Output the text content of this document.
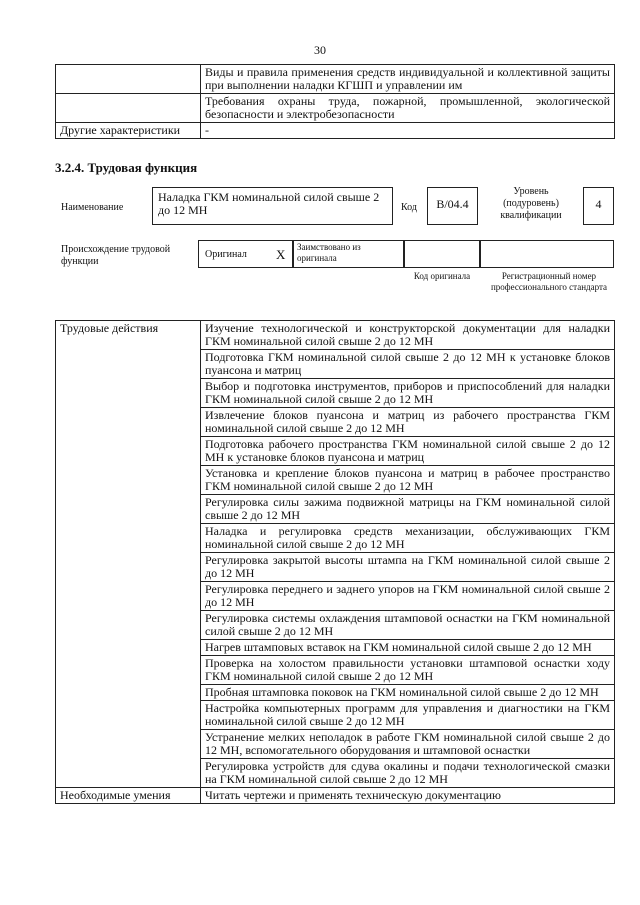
30
	Виды и правила применения средств индивидуальной и коллективной защиты при выполнении наладки КГШП и управлении им
	Требования охраны труда, пожарной, промышленной, экологической безопасности и электробезопасности
Другие характеристики	-
3.2.4. Трудовая функция
Наименование
Наладка ГКМ номинальной силой свыше 2 до 12 МН	Код	B/04.4
Уровень (подуровень) квалификации
4
Происхождение трудовой функции
Оригинал X Заимствовано из оригинала
Код оригинала	Регистрационный номер профессионального стандарта
Трудовые действия	Изучение технологической и конструкторской документации для наладки ГКМ номинальной силой свыше 2 до 12 МН
	Подготовка ГКМ номинальной силой свыше 2 до 12 МН к установке блоков пуансона и матриц
	Выбор и подготовка инструментов, приборов и приспособлений для наладки ГКМ номинальной силой свыше 2 до 12 МН
	Извлечение блоков пуансона и матриц из рабочего пространства ГКМ номинальной силой свыше 2 до 12 МН
	Подготовка рабочего пространства ГКМ номинальной силой свыше 2 до 12 МН к установке блоков пуансона и матриц
	Установка и крепление блоков пуансона и матриц в рабочее пространство ГКМ номинальной силой свыше 2 до 12 МН
	Регулировка силы зажима подвижной матрицы на ГКМ номинальной силой свыше 2 до 12 МН
	Наладка и регулировка средств механизации, обслуживающих ГКМ номинальной силой свыше 2 до 12 МН
	Регулировка закрытой высоты штампа на ГКМ номинальной силой свыше 2 до 12 МН
	Регулировка переднего и заднего упоров на ГКМ номинальной силой свыше 2 до 12 МН
	Регулировка системы охлаждения штамповой оснастки на ГКМ номинальной силой свыше 2 до 12 МН
	Нагрев штамповых вставок на ГКМ номинальной силой свыше 2 до 12 МН
	Проверка на холостом правильности установки штамповой оснастки ходу ГКМ номинальной силой свыше 2 до 12 МН
	Пробная штамповка поковок на ГКМ номинальной силой свыше 2 до 12 МН
	Настройка компьютерных программ для управления и диагностики на ГКМ номинальной силой свыше 2 до 12 МН
	Устранение мелких неполадок в работе ГКМ номинальной силой свыше 2 до 12 МН, вспомогательного оборудования и штамповой оснастки
	Регулировка устройств для сдува окалины и подачи технологической смазки на ГКМ номинальной силой свыше 2 до 12 МН
Необходимые умения	Читать чертежи и применять техническую документацию
